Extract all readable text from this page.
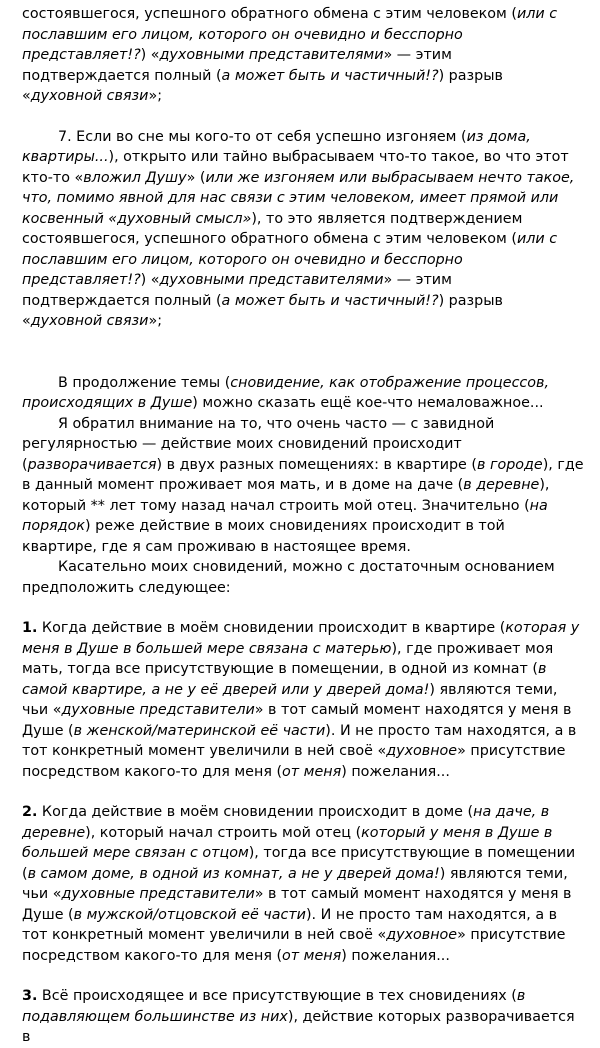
состоявшегося, успешного обратного обмена с этим человеком (или с пославшим его лицом, которого он очевидно и бесспорно представляет!?) «духовными представителями» — этим подтверждается полный (а может быть и частичный!?) разрыв «духовной связи»;

7. Если во сне мы кого-то от себя успешно изгоняем (из дома, квартиры...), открыто или тайно выбрасываем что-то такое, во что этот кто-то «вложил Душу» (или же изгоняем или выбрасываем нечто такое, что, помимо явной для нас связи с этим человеком, имеет прямой или косвенный «духовный смысл»), то это является подтверждением состоявшегося, успешного обратного обмена с этим человеком (или с пославшим его лицом, которого он очевидно и бесспорно представляет!?) «духовными представителями» — этим подтверждается полный (а может быть и частичный!?) разрыв «духовной связи»;

В продолжение темы (сновидение, как отображение процессов, происходящих в Душе) можно сказать ещё кое-что немаловажное...

Я обратил внимание на то, что очень часто — с завидной регулярностью — действие моих сновидений происходит (разворачивается) в двух разных помещениях: в квартире (в городе), где в данный момент проживает моя мать, и в доме на даче (в деревне), который ** лет тому назад начал строить мой отец. Значительно (на порядок) реже действие в моих сновидениях происходит в той квартире, где я сам проживаю в настоящее время.

Касательно моих сновидений, можно с достаточным основанием предположить следующее:

1. Когда действие в моём сновидении происходит в квартире (которая у меня в Душе в большей мере связана с матерью), где проживает моя мать, тогда все присутствующие в помещении, в одной из комнат (в самой квартире, а не у её дверей или у дверей дома!) являются теми, чьи «духовные представители» в тот самый момент находятся у меня в Душе (в женской/материнской её части). И не просто там находятся, а в тот конкретный момент увеличили в ней своё «духовное» присутствие посредством какого-то для меня (от меня) пожелания...

2. Когда действие в моём сновидении происходит в доме (на даче, в деревне), который начал строить мой отец (который у меня в Душе в большей мере связан с отцом), тогда все присутствующие в помещении (в самом доме, в одной из комнат, а не у дверей дома!) являются теми, чьи «духовные представители» в тот самый момент находятся у меня в Душе (в мужской/отцовской её части). И не просто там находятся, а в тот конкретный момент увеличили в ней своё «духовное» присутствие посредством какого-то для меня (от меня) пожелания...

3. Всё происходящее и все присутствующие в тех сновидениях (в подавляющем большинстве из них), действие которых разворачивается в
